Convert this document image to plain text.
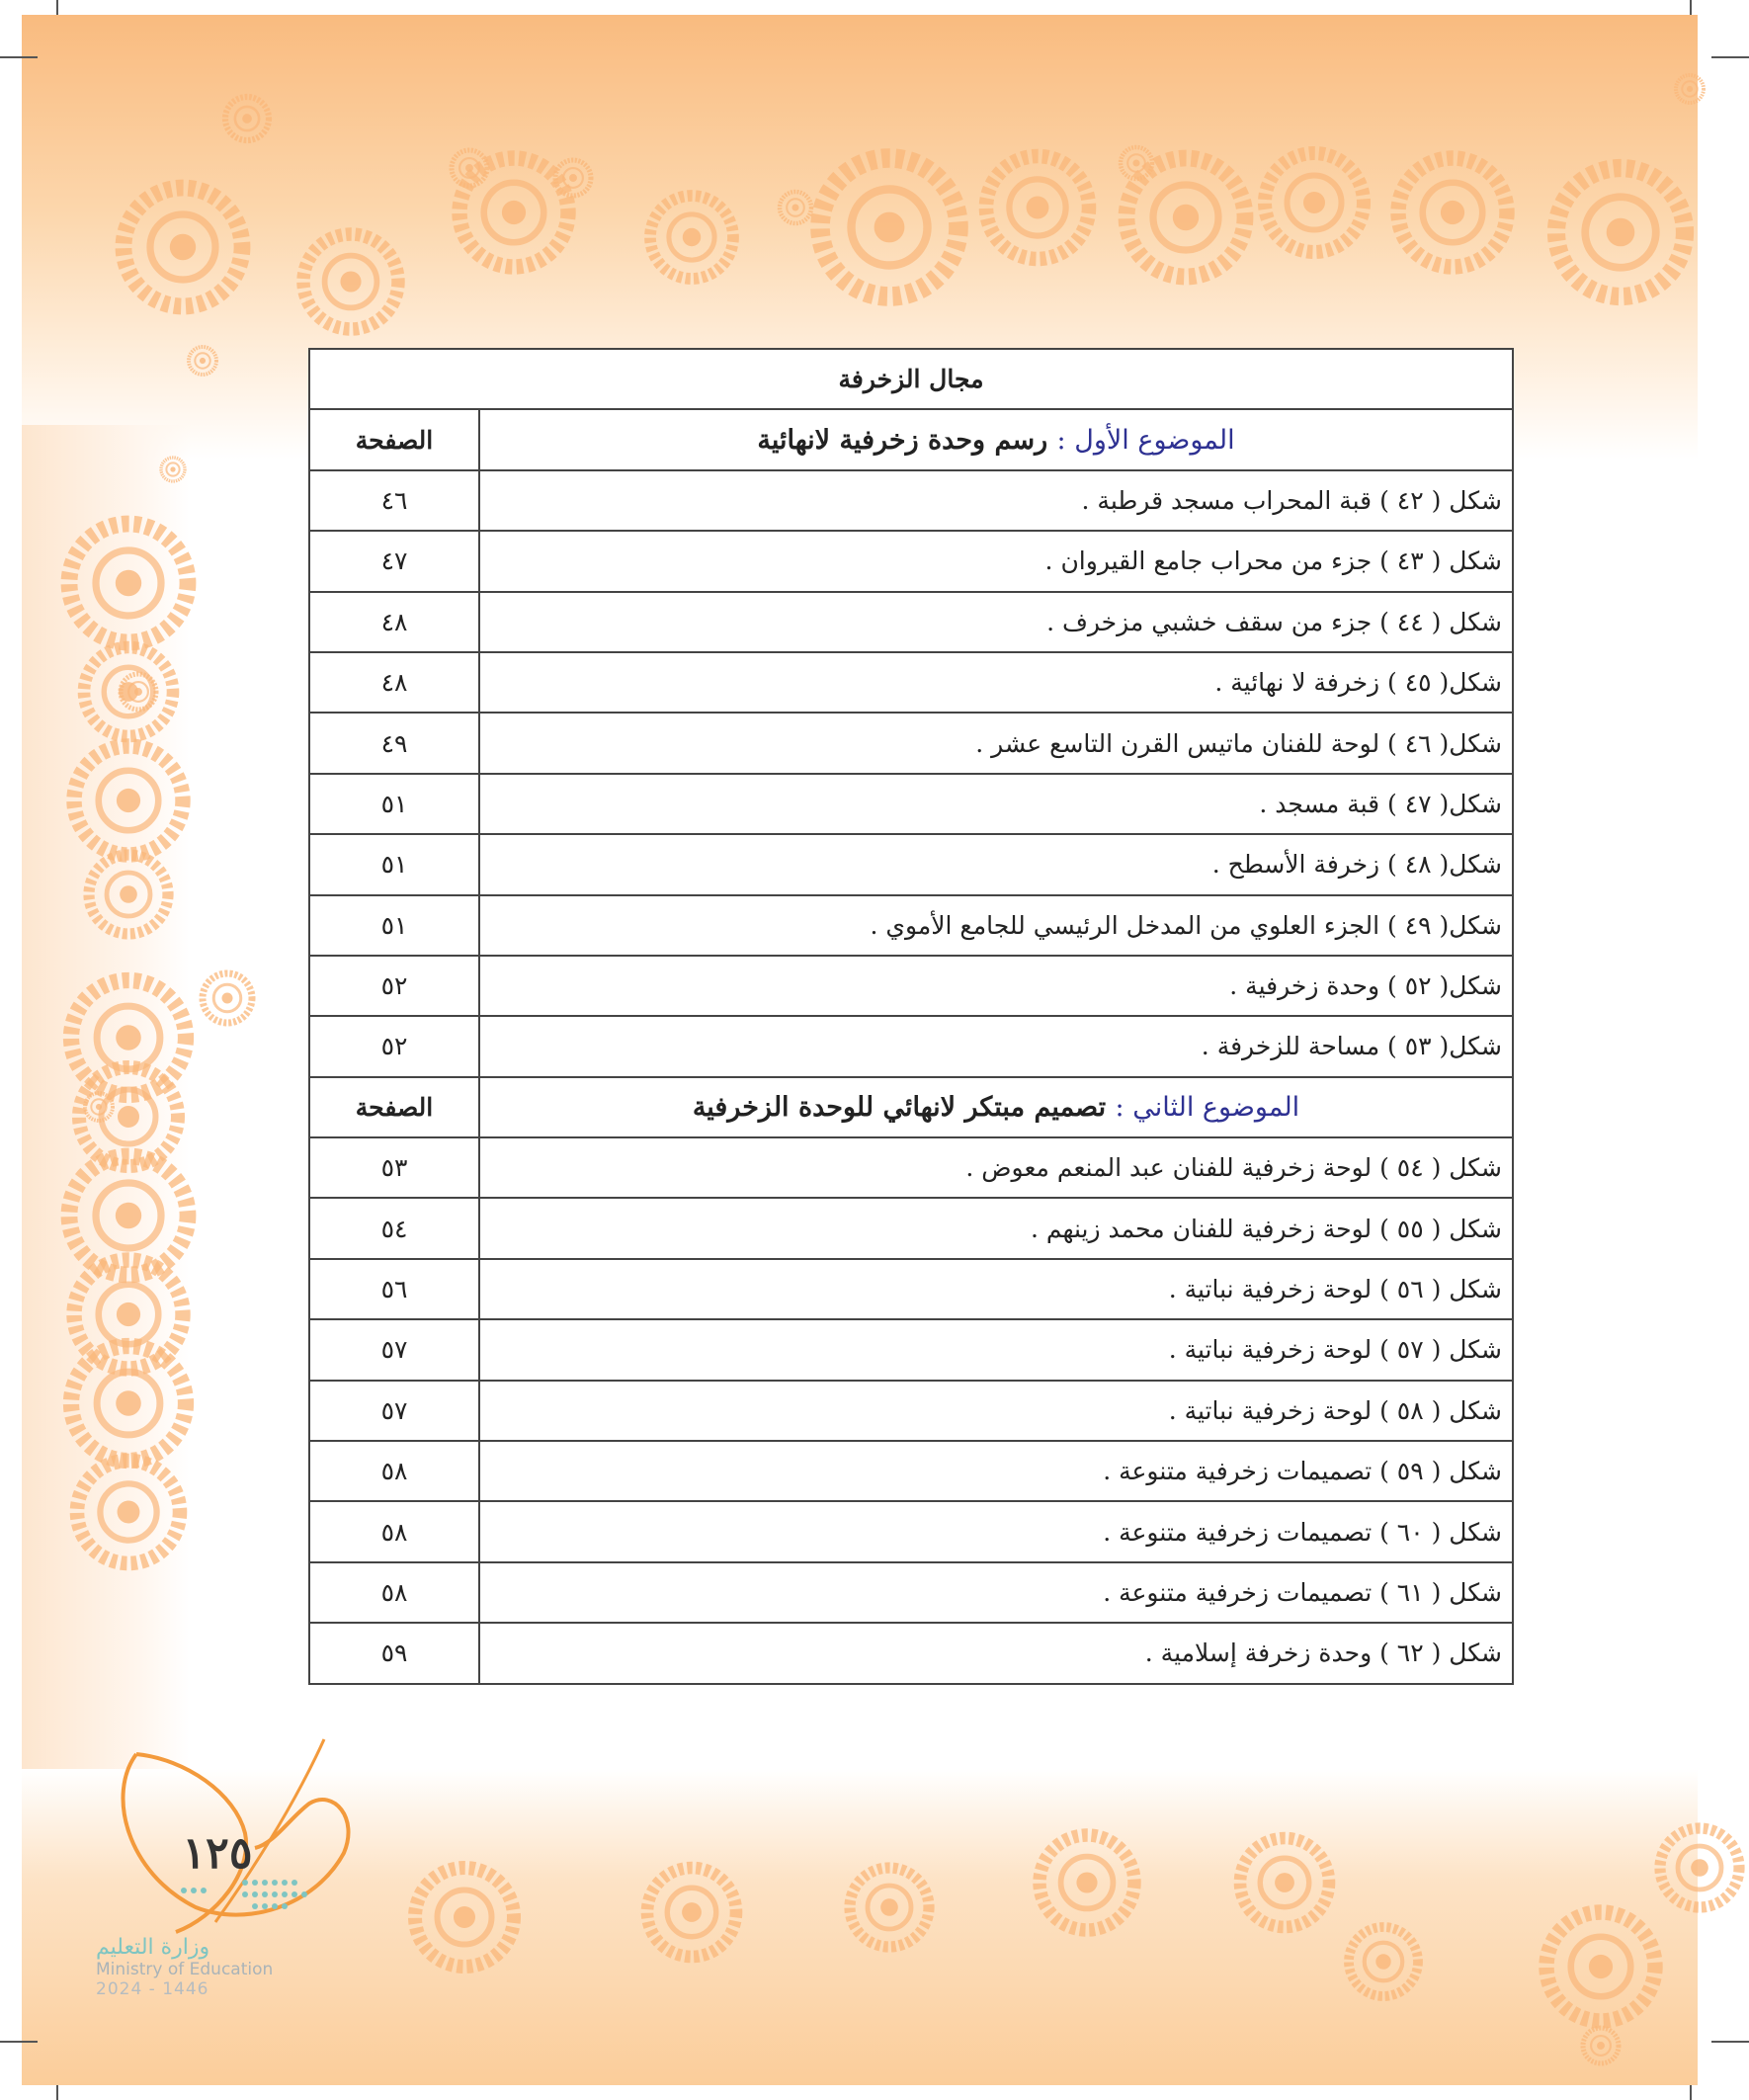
مجال الزخرفة	
الموضوع الأول : رسم وحدة زخرفية لانهائية	الصفحة
شكل ( ٤٢ ) قبة المحراب مسجد قرطبة .	٤٦
شكل ( ٤٣ ) جزء من محراب جامع القيروان .	٤٧
شكل ( ٤٤ ) جزء من سقف خشبي مزخرف .	٤٨
شكل( ٤٥ ) زخرفة لا نهائية .	٤٨
شكل( ٤٦ ) لوحة للفنان ماتيس القرن التاسع عشر .	٤٩
شكل( ٤٧ ) قبة مسجد .	٥١
شكل( ٤٨ ) زخرفة الأسطح .	٥١
شكل( ٤٩ ) الجزء العلوي من المدخل الرئيسي للجامع الأموي .	٥١
شكل( ٥٢ ) وحدة زخرفية .	٥٢
شكل( ٥٣ ) مساحة للزخرفة .	٥٢
الموضوع الثاني : تصميم مبتكر لانهائي للوحدة الزخرفية	الصفحة
شكل ( ٥٤ ) لوحة زخرفية للفنان عبد المنعم معوض .	٥٣
شكل ( ٥٥ ) لوحة زخرفية للفنان محمد زينهم .	٥٤
شكل ( ٥٦ ) لوحة زخرفية نباتية .	٥٦
شكل ( ٥٧ ) لوحة زخرفية نباتية .	٥٧
شكل ( ٥٨ ) لوحة زخرفية نباتية .	٥٧
شكل ( ٥٩ ) تصميمات زخرفية متنوعة .	٥٨
شكل ( ٦٠ ) تصميمات زخرفية متنوعة .	٥٨
شكل ( ٦١ ) تصميمات زخرفية متنوعة .	٥٨
شكل ( ٦٢ ) وحدة زخرفة إسلامية .	٥٩
١٢٥
وزارة التعليم
Ministry of Education
2024 - 1446
